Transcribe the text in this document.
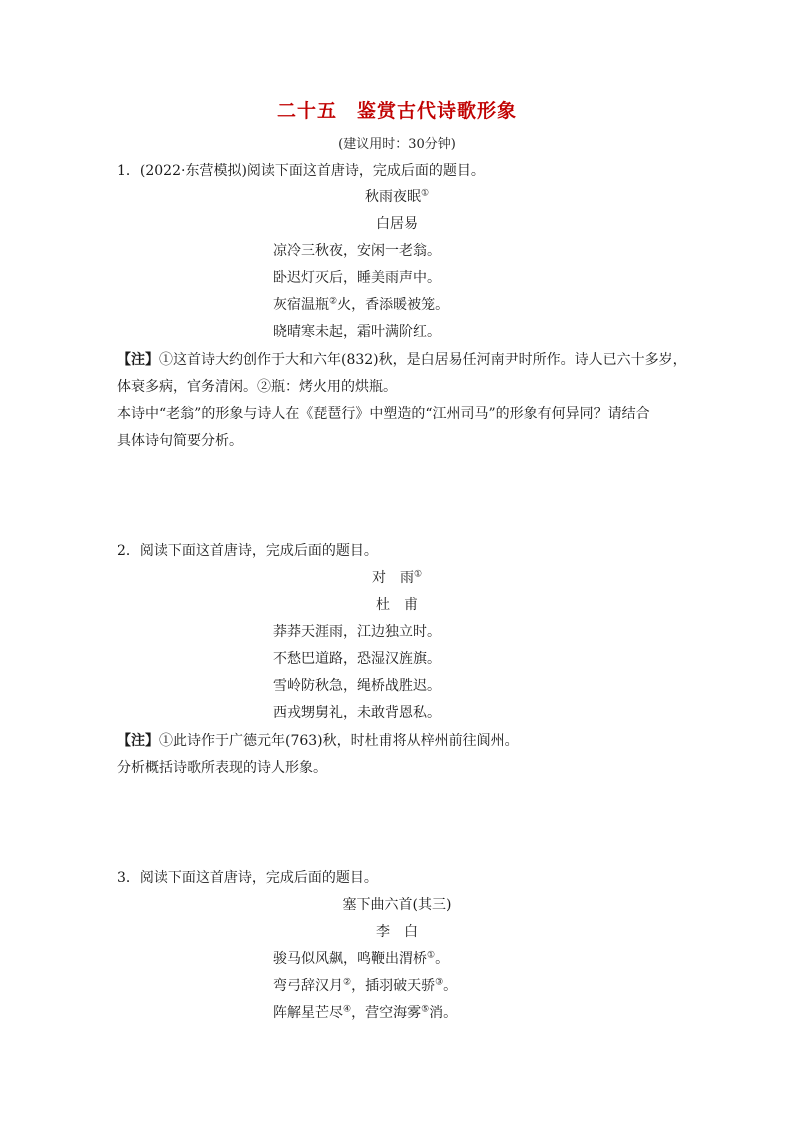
二十五　鉴赏古代诗歌形象
(建议用时：30分钟)
1．(2022·东营模拟)阅读下面这首唐诗，完成后面的题目。
秋雨夜眠①
白居易
凉冷三秋夜，安闲一老翁。
卧迟灯灭后，睡美雨声中。
灰宿温瓶②火，香添暖被笼。
晓晴寒未起，霜叶满阶红。
【注】①这首诗大约创作于大和六年(832)秋，是白居易任河南尹时所作。诗人已六十多岁，
体衰多病，官务清闲。②瓶：烤火用的烘瓶。
本诗中“老翁”的形象与诗人在《琵琶行》中塑造的“江州司马”的形象有何异同？请结合
具体诗句简要分析。
2．阅读下面这首唐诗，完成后面的题目。
对　雨①
杜　甫
莽莽天涯雨，江边独立时。
不愁巴道路，恐湿汉旌旗。
雪岭防秋急，绳桥战胜迟。
西戎甥舅礼，未敢背恩私。
【注】①此诗作于广德元年(763)秋，时杜甫将从梓州前往阆州。
分析概括诗歌所表现的诗人形象。
3．阅读下面这首唐诗，完成后面的题目。
塞下曲六首(其三)
李　白
骏马似风飙，鸣鞭出渭桥①。
弯弓辞汉月②，插羽破天骄③。
阵解星芒尽④，营空海雾⑤消。
